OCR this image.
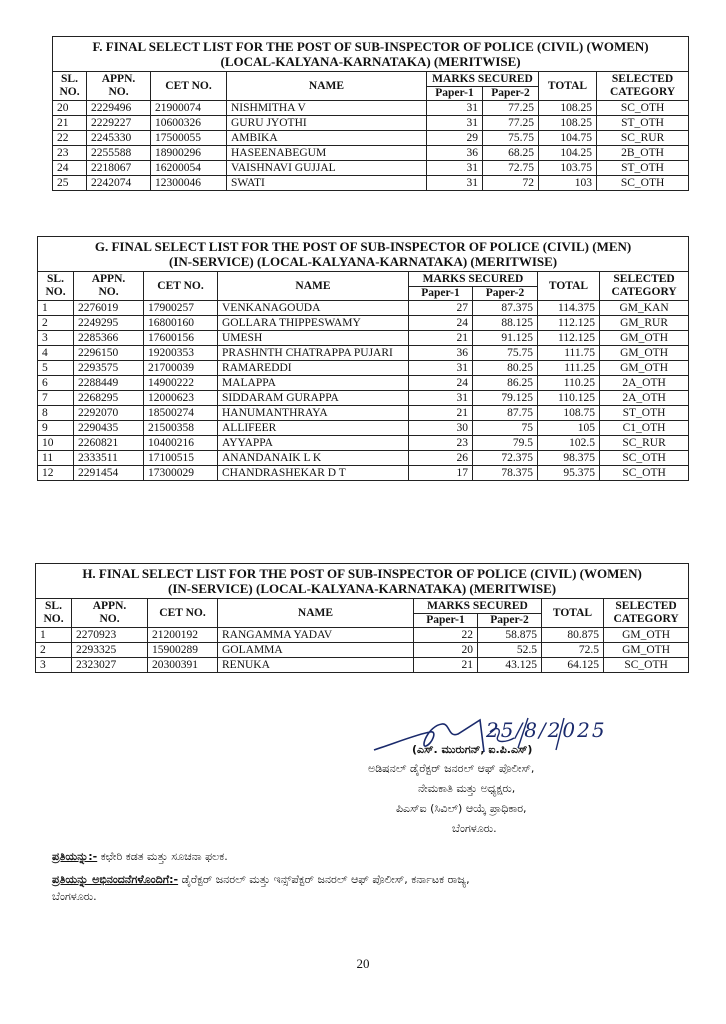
F. FINAL SELECT LIST FOR THE POST OF SUB-INSPECTOR OF POLICE (CIVIL) (WOMEN)
(LOCAL-KALYANA-KARNATAKA) (MERITWISE)							
SL.
NO.	APPN.
NO.	CET NO.	NAME	MARKS SECURED		TOTAL	SELECTED
CATEGORY
				Paper-1	Paper-2		
20	2229496	21900074	NISHMITHA V	31	77.25	108.25	SC_OTH
21	2229227	10600326	GURU JYOTHI	31	77.25	108.25	ST_OTH
22	2245330	17500055	AMBIKA	29	75.75	104.75	SC_RUR
23	2255588	18900296	HASEENABEGUM	36	68.25	104.25	2B_OTH
24	2218067	16200054	VAISHNAVI GUJJAL	31	72.75	103.75	ST_OTH
25	2242074	12300046	SWATI	31	72	103	SC_OTH
G. FINAL SELECT LIST FOR THE POST OF SUB-INSPECTOR OF POLICE (CIVIL) (MEN)
(IN-SERVICE) (LOCAL-KALYANA-KARNATAKA) (MERITWISE)							
SL.
NO.	APPN.
NO.	CET NO.	NAME	MARKS SECURED		TOTAL	SELECTED
CATEGORY
				Paper-1	Paper-2		
1	2276019	17900257	VENKANAGOUDA	27	87.375	114.375	GM_KAN
2	2249295	16800160	GOLLARA THIPPESWAMY	24	88.125	112.125	GM_RUR
3	2285366	17600156	UMESH	21	91.125	112.125	GM_OTH
4	2296150	19200353	PRASHNTH CHATRAPPA PUJARI	36	75.75	111.75	GM_OTH
5	2293575	21700039	RAMAREDDI	31	80.25	111.25	GM_OTH
6	2288449	14900222	MALAPPA	24	86.25	110.25	2A_OTH
7	2268295	12000623	SIDDARAM GURAPPA	31	79.125	110.125	2A_OTH
8	2292070	18500274	HANUMANTHRAYA	21	87.75	108.75	ST_OTH
9	2290435	21500358	ALLIFEER	30	75	105	C1_OTH
10	2260821	10400216	AYYAPPA	23	79.5	102.5	SC_RUR
11	2333511	17100515	ANANDANAIK L K	26	72.375	98.375	SC_OTH
12	2291454	17300029	CHANDRASHEKAR D T	17	78.375	95.375	SC_OTH
H. FINAL SELECT LIST FOR THE POST OF SUB-INSPECTOR OF POLICE (CIVIL) (WOMEN)
(IN-SERVICE) (LOCAL-KALYANA-KARNATAKA) (MERITWISE)							
SL.
NO.	APPN.
NO.	CET NO.	NAME	MARKS SECURED		TOTAL	SELECTED
CATEGORY
				Paper-1	Paper-2		
1	2270923	21200192	RANGAMMA YADAV	22	58.875	80.875	GM_OTH
2	2293325	15900289	GOLAMMA	20	52.5	72.5	GM_OTH
3	2323027	20300391	RENUKA	21	43.125	64.125	SC_OTH
25/8/2025
(ಎಸ್. ಮುರುಗನ್, ಐ.ಪಿ.ಎಸ್)
ಅಡಿಷನಲ್ ಡೈರೆಕ್ಟರ್ ಜನರಲ್ ಆಫ್ ಪೊಲೀಸ್,
ನೇಮಕಾತಿ ಮತ್ತು ಅಧ್ಯಕ್ಷರು,
ಪಿಎಸ್‌ಐ (ಸಿವಿಲ್) ಆಯ್ಕೆ ಪ್ರಾಧಿಕಾರ,
ಬೆಂಗಳೂರು.
ಪ್ರತಿಯನ್ನು:- ಕಛೇರಿ ಕಡತ ಮತ್ತು ಸೂಚನಾ ಫಲಕ.
ಪ್ರತಿಯನ್ನು ಅಭಿನಂದನೆಗಳೊಂದಿಗೆ:- ಡೈರೆಕ್ಟರ್ ಜನರಲ್ ಮತ್ತು ಇನ್ಸ್‌ಪೆಕ್ಟರ್ ಜನರಲ್ ಆಫ್ ಪೊಲೀಸ್, ಕರ್ನಾಟಕ ರಾಜ್ಯ,
ಬೆಂಗಳೂರು.
20
